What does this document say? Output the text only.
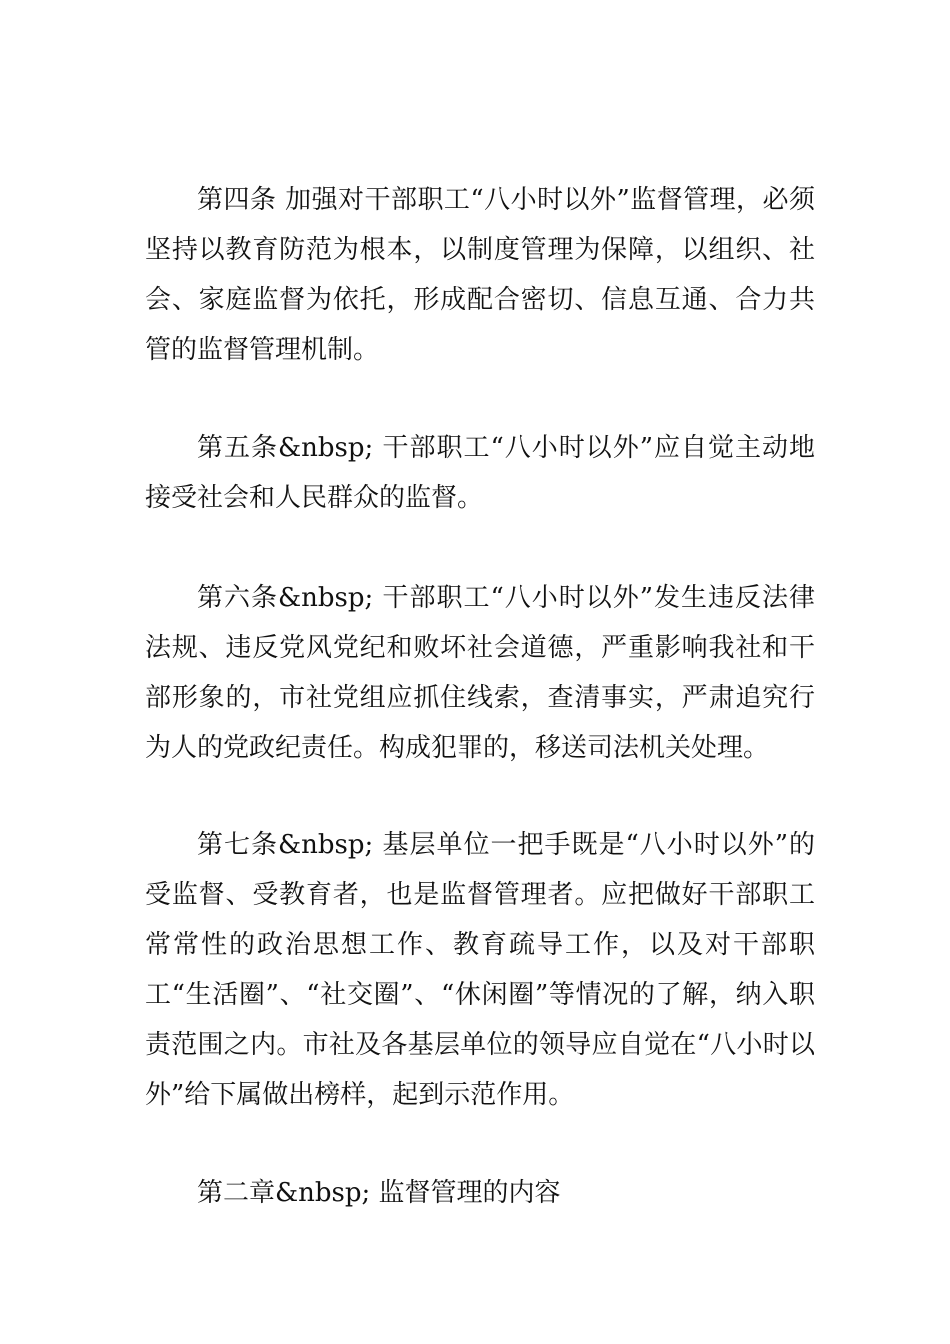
第四条 加强对干部职工“八小时以外”监督管理，必须坚持以教育防范为根本，以制度管理为保障，以组织、社会、家庭监督为依托，形成配合密切、信息互通、合力共管的监督管理机制。

第五条&nbsp; 干部职工“八小时以外”应自觉主动地接受社会和人民群众的监督。

第六条&nbsp; 干部职工“八小时以外”发生违反法律法规、违反党风党纪和败坏社会道德，严重影响我社和干部形象的，市社党组应抓住线索，查清事实，严肃追究行为人的党政纪责任。构成犯罪的，移送司法机关处理。

第七条&nbsp; 基层单位一把手既是“八小时以外”的受监督、受教育者，也是监督管理者。应把做好干部职工常常性的政治思想工作、教育疏导工作，以及对干部职工“生活圈”、“社交圈”、“休闲圈”等情况的了解，纳入职责范围之内。市社及各基层单位的领导应自觉在“八小时以外”给下属做出榜样，起到示范作用。

第二章&nbsp; 监督管理的内容
